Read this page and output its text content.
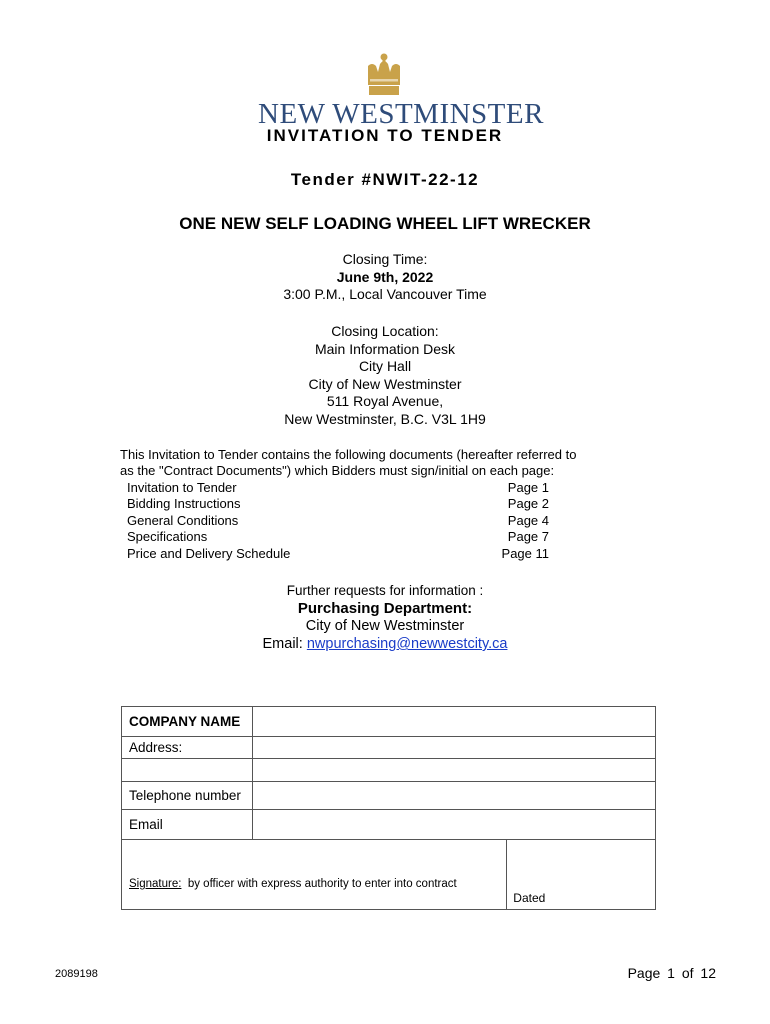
NEW WESTMINSTER
INVITATION TO TENDER
Tender #NWIT-22-12
ONE NEW SELF LOADING WHEEL LIFT WRECKER
Closing Time:
June 9th, 2022
3:00 P.M., Local Vancouver Time
Closing Location:
Main Information Desk
City Hall
City of New Westminster
511 Royal Avenue,
New Westminster, B.C. V3L 1H9
This Invitation to Tender contains the following documents (hereafter referred to
as the "Contract Documents") which Bidders must sign/initial on each page:
Invitation to Tender	Page 1
Bidding Instructions	Page 2
General Conditions	Page 4
Specifications	Page 7
Price and Delivery Schedule	Page 11
Further requests for information :
Purchasing Department:
City of New Westminster
Email: nwpurchasing@newwestcity.ca
COMPANY NAME		
Address:		

Telephone number		
Email		

Signature: by officer with express authority to enter into contract		Dated
2089198	Page 1 of 12
